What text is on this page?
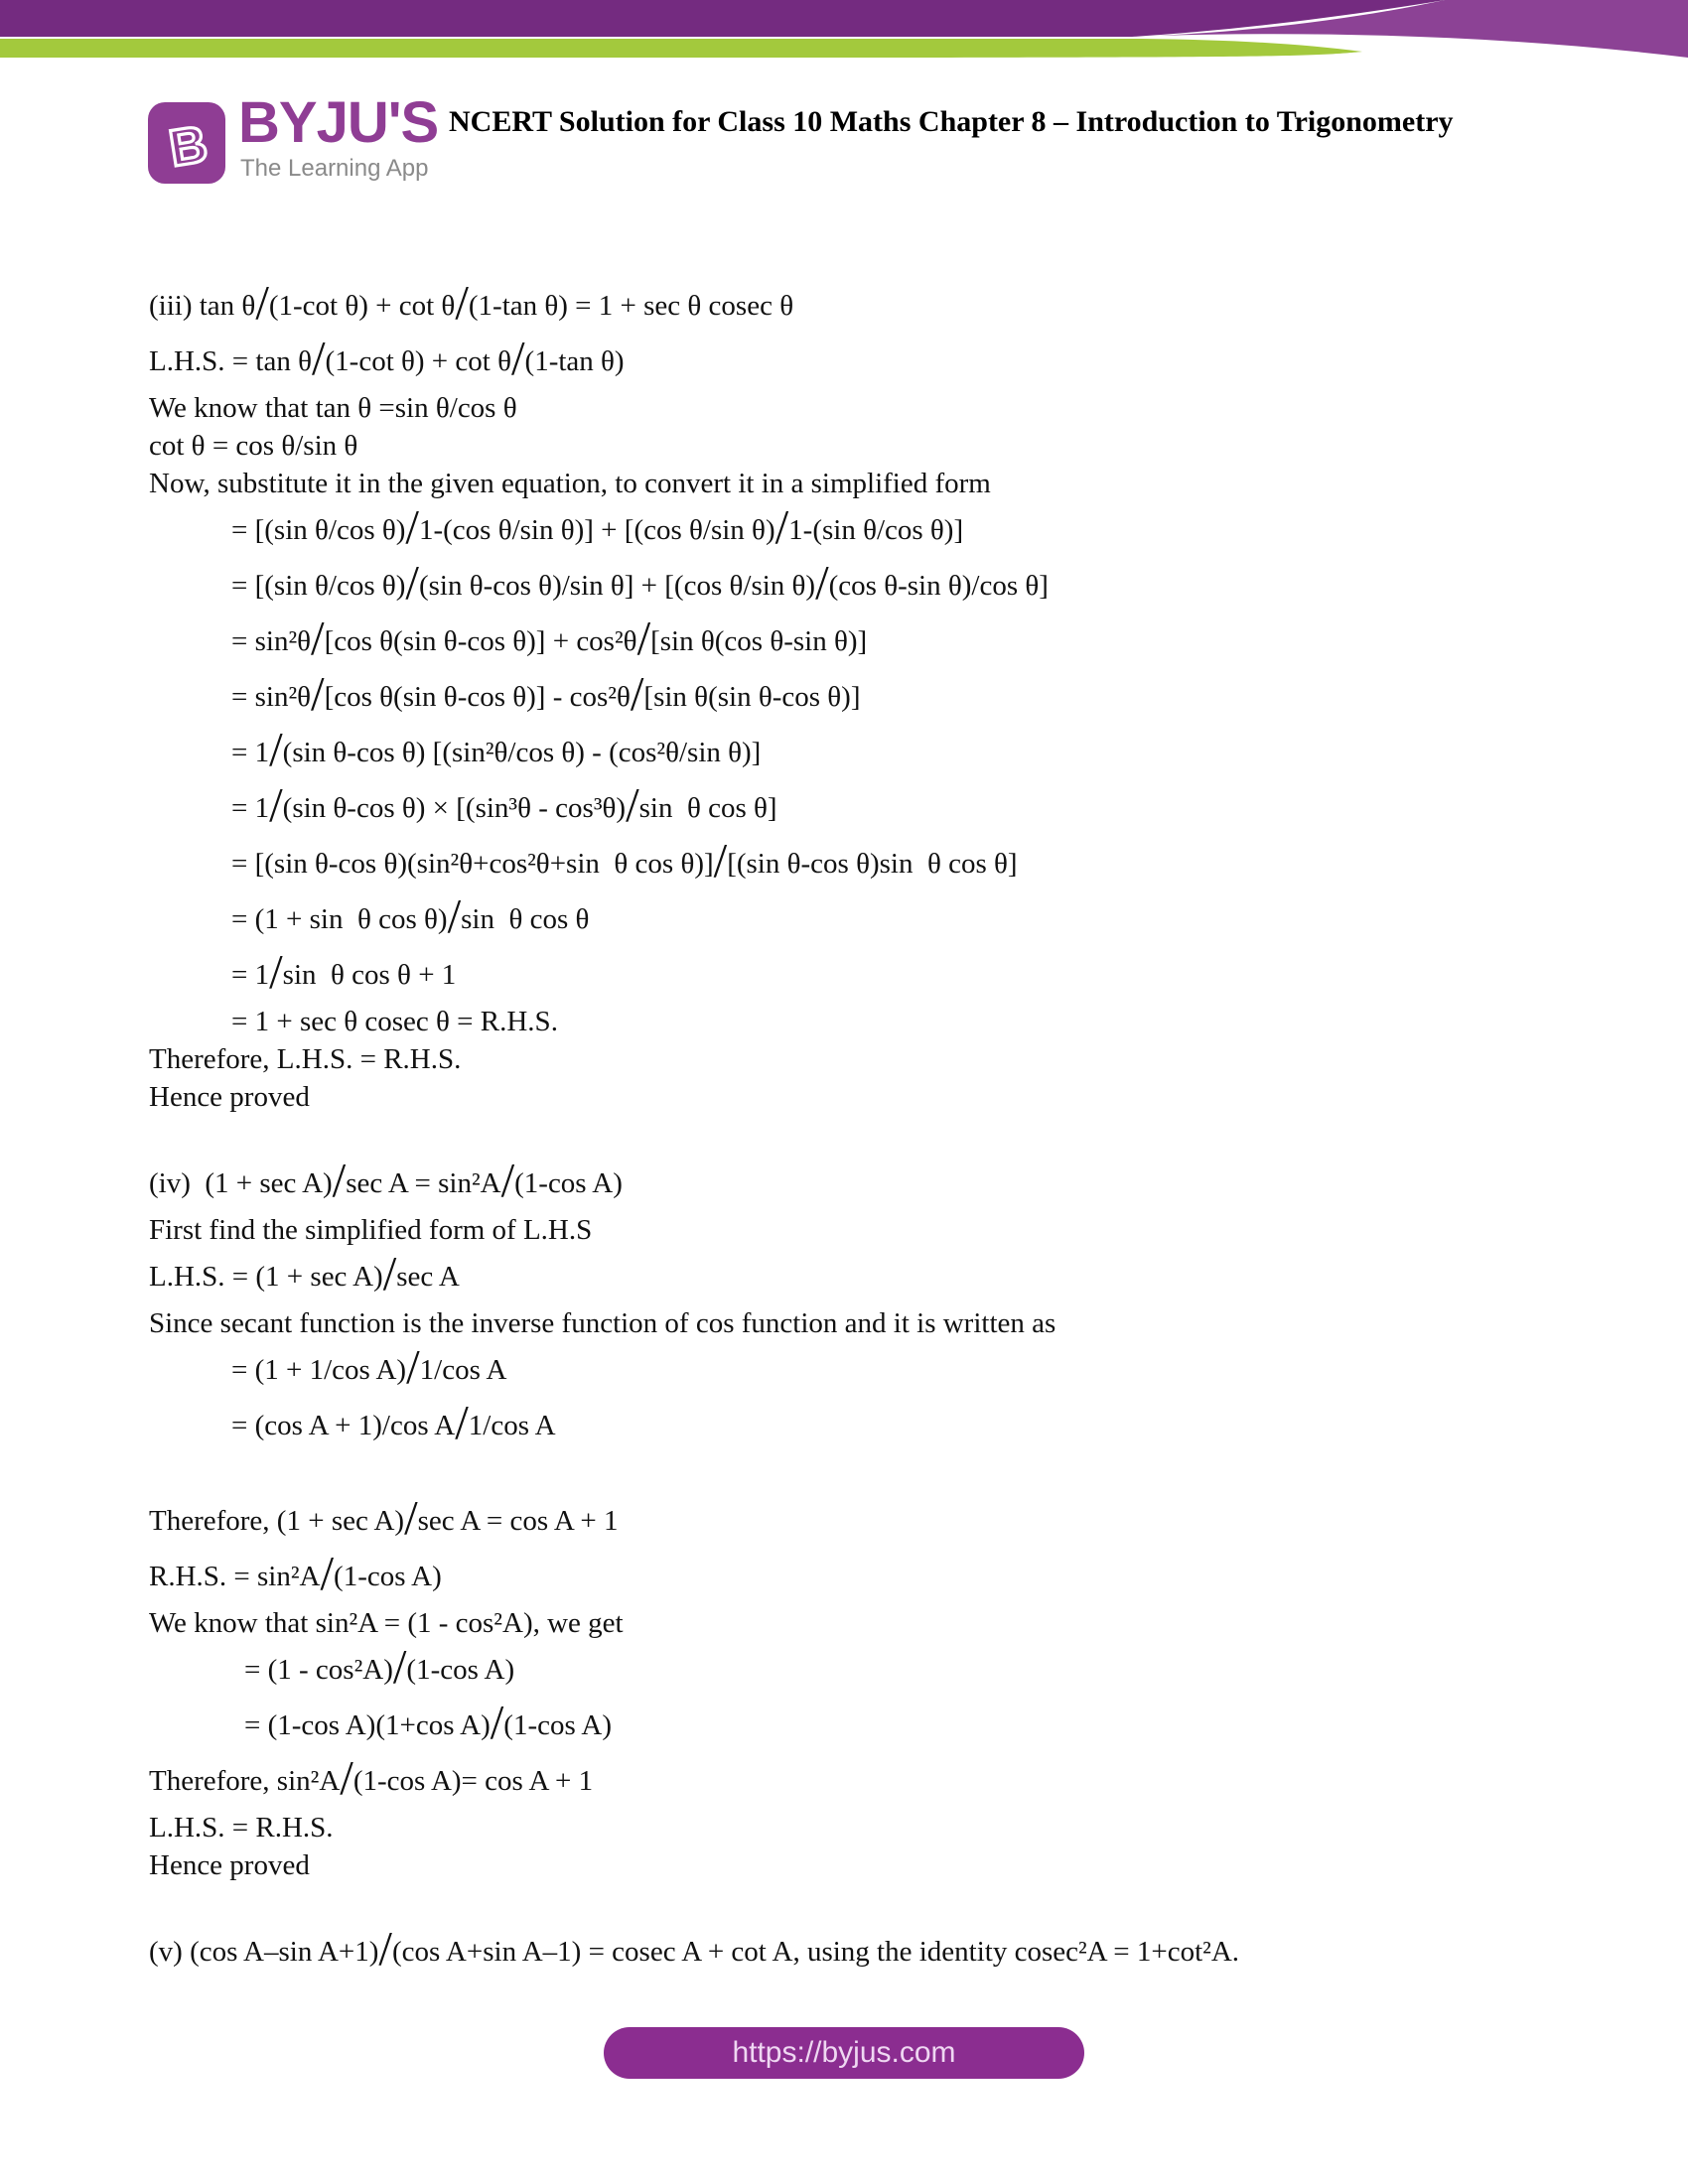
B BYJU'S
The Learning App
NCERT Solution for Class 10 Maths Chapter 8 – Introduction to Trigonometry
(iii) tan θ/(1-cot θ) + cot θ/(1-tan θ) = 1 + sec θ cosec θ
L.H.S. = tan θ/(1-cot θ) + cot θ/(1-tan θ)
We know that tan θ =sin θ/cos θ
cot θ = cos θ/sin θ
Now, substitute it in the given equation, to convert it in a simplified form
= [(sin θ/cos θ)/1-(cos θ/sin θ)] + [(cos θ/sin θ)/1-(sin θ/cos θ)]
= [(sin θ/cos θ)/(sin θ-cos θ)/sin θ] + [(cos θ/sin θ)/(cos θ-sin θ)/cos θ]
= sin²θ/[cos θ(sin θ-cos θ)] + cos²θ/[sin θ(cos θ-sin θ)]
= sin²θ/[cos θ(sin θ-cos θ)] - cos²θ/[sin θ(sin θ-cos θ)]
= 1/(sin θ-cos θ) [(sin²θ/cos θ) - (cos²θ/sin θ)]
= 1/(sin θ-cos θ) × [(sin³θ - cos³θ)/sin  θ cos θ]
= [(sin θ-cos θ)(sin²θ+cos²θ+sin  θ cos θ)]/[(sin θ-cos θ)sin  θ cos θ]
= (1 + sin  θ cos θ)/sin  θ cos θ
= 1/sin  θ cos θ + 1
= 1 + sec θ cosec θ = R.H.S.
Therefore, L.H.S. = R.H.S.
Hence proved
(iv)  (1 + sec A)/sec A = sin²A/(1-cos A)
First find the simplified form of L.H.S
L.H.S. = (1 + sec A)/sec A
Since secant function is the inverse function of cos function and it is written as
= (1 + 1/cos A)/1/cos A
= (cos A + 1)/cos A/1/cos A
Therefore, (1 + sec A)/sec A = cos A + 1
R.H.S. = sin²A/(1-cos A)
We know that sin²A = (1 - cos²A), we get
= (1 - cos²A)/(1-cos A)
= (1-cos A)(1+cos A)/(1-cos A)
Therefore, sin²A/(1-cos A)= cos A + 1
L.H.S. = R.H.S.
Hence proved
(v) (cos A–sin A+1)/(cos A+sin A–1) = cosec A + cot A, using the identity cosec²A = 1+cot²A.
https://byjus.com
